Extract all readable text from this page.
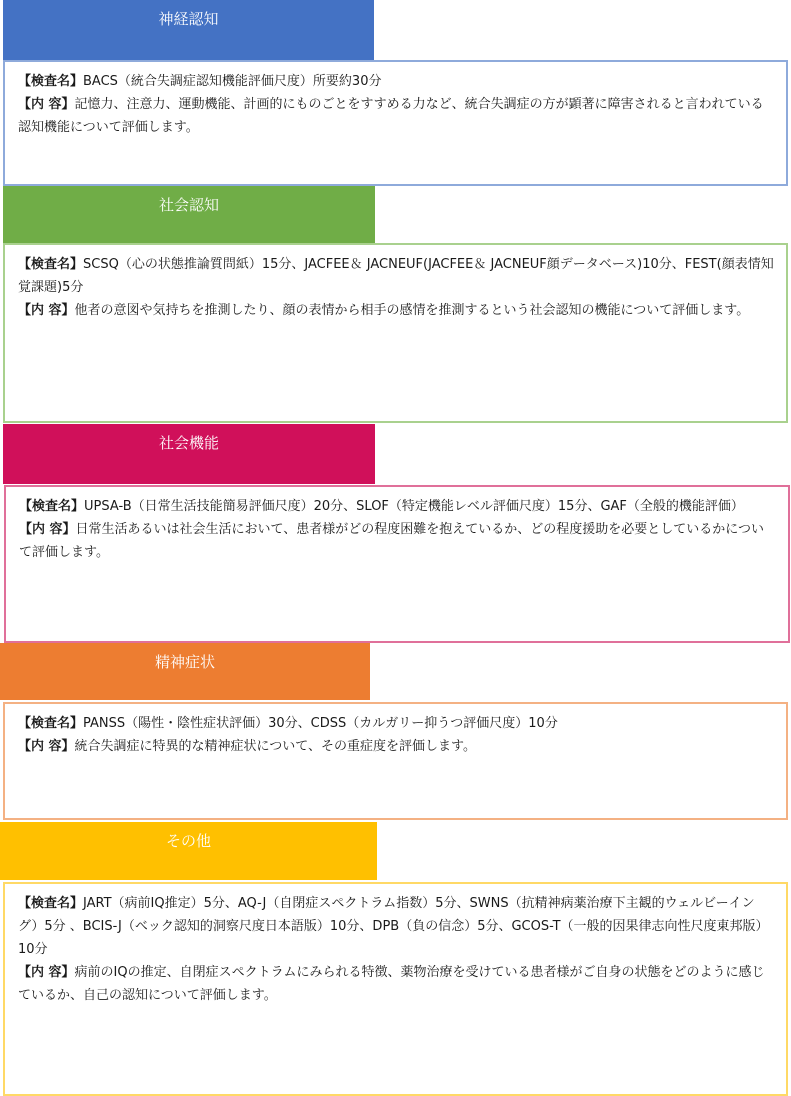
神経認知

【検査名】BACS（統合失調症認知機能評価尺度）所要約30分

【内 容】記憶力、注意力、運動機能、計画的にものごとをすすめる力など、統合失調症の方が顕著に障害されると言われている認知機能について評価します。

社会認知

【検査名】SCSQ（心の状態推論質問紙）15分、JACFEE＆ JACNEUF(JACFEE＆ JACNEUF顔データベース)10分、FEST(顔表情知覚課題)5分

【内 容】他者の意図や気持ちを推測したり、顔の表情から相手の感情を推測するという社会認知の機能について評価します。

社会機能

【検査名】UPSA-B（日常生活技能簡易評価尺度）20分、SLOF（特定機能レベル評価尺度）15分、GAF（全般的機能評価）

【内 容】日常生活あるいは社会生活において、患者様がどの程度困難を抱えているか、どの程度援助を必要としているかについて評価します。

精神症状

【検査名】PANSS（陽性・陰性症状評価）30分、CDSS（カルガリー抑うつ評価尺度）10分

【内 容】統合失調症に特異的な精神症状について、その重症度を評価します。

その他

【検査名】JART（病前IQ推定）5分、AQ-J（自閉症スペクトラム指数）5分、SWNS（抗精神病薬治療下主観的ウェルビーイング）5分 、BCIS-J（ベック認知的洞察尺度日本語版）10分、DPB（負の信念）5分、GCOS-T（一般的因果律志向性尺度東邦版）10分

【内 容】病前のIQの推定、自閉症スペクトラムにみられる特徴、薬物治療を受けている患者様がご自身の状態をどのように感じているか、自己の認知について評価します。
